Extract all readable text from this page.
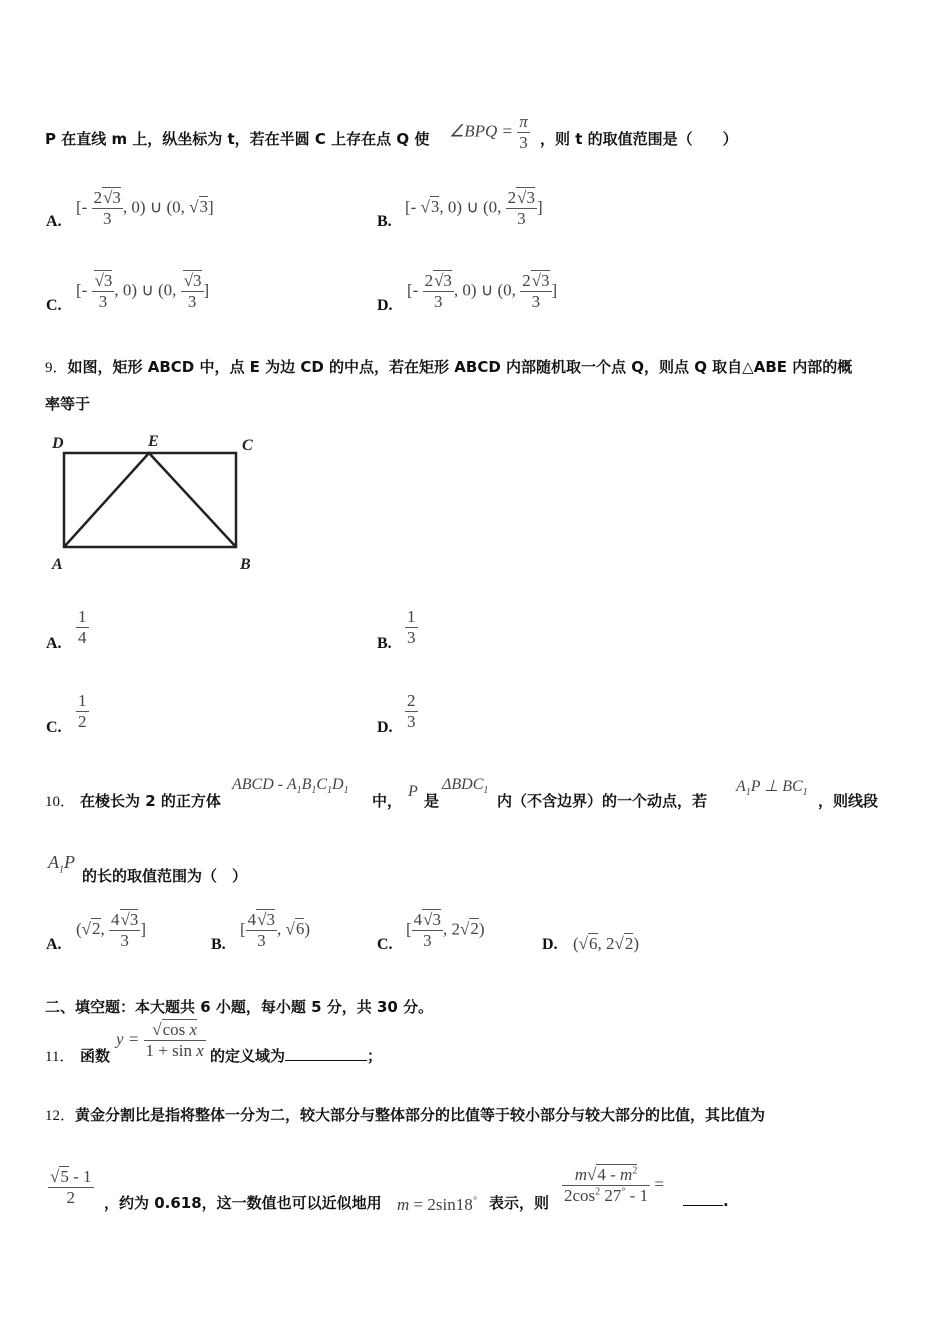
P 在直线 m 上，纵坐标为 t，若在半圆 C 上存在点 Q 使 ∠BPQ = $\frac{\pi}{3}$ ，则 t 的取值范围是（　　）
A.
[- $\frac{2√3}{3}$ , 0) ∪ (0, √3]
B.
[- √3, 0) ∪ (0, $\frac{2√3}{3}$ ]
C.
[- $\frac{√3}{3}$ , 0) ∪ (0, $\frac{√3}{3}$ ]
D.
[- $\frac{2√3}{3}$ , 0) ∪ (0, $\frac{2√3}{3}$ ]
9．如图，矩形 ABCD 中，点 E 为边 CD 的中点，若在矩形 ABCD 内部随机取一个点 Q，则点 Q 取自△ABE 内部的概
率等于
D	E	C
A	B
A. $\frac{1}{4}$	B. $\frac{1}{3}$
C. $\frac{1}{2}$	D. $\frac{2}{3}$
10． 在棱长为 2 的正方体
ABCD - $A_1B_1C_1D_1$
中，
P
是
$\Delta BDC_1$
内（不含边界）的一个动点，若
$A_1P$ ⊥ $BC_1$ ，则线段
$A_1P$
的长的取值范围为（　）
A.
(√2, $\frac{4√3}{3}$ ]
B.
[ $\frac{4√3}{3}$ , √6)
C.
[ $\frac{4√3}{3}$ , 2√2)
D. (√6, 2√2)
二、填空题：本大题共 6 小题，每小题 5 分，共 30 分。
11． 函数
$y = \frac{\text{√cos x}}{\text{1 + sin x}}$ 的定义域为	；
12．黄金分割比是指将整体一分为二，较大部分与整体部分的比值等于较小部分与较大部分的比值，其比值为
$\frac{√5 - 1}{2}$ ，约为 0.618，这一数值也可以近似地用 m = 2sin18° 表示，则 $\frac{m√4 - m^2}{2\cos^2 27^\circ - 1}$ =
.
